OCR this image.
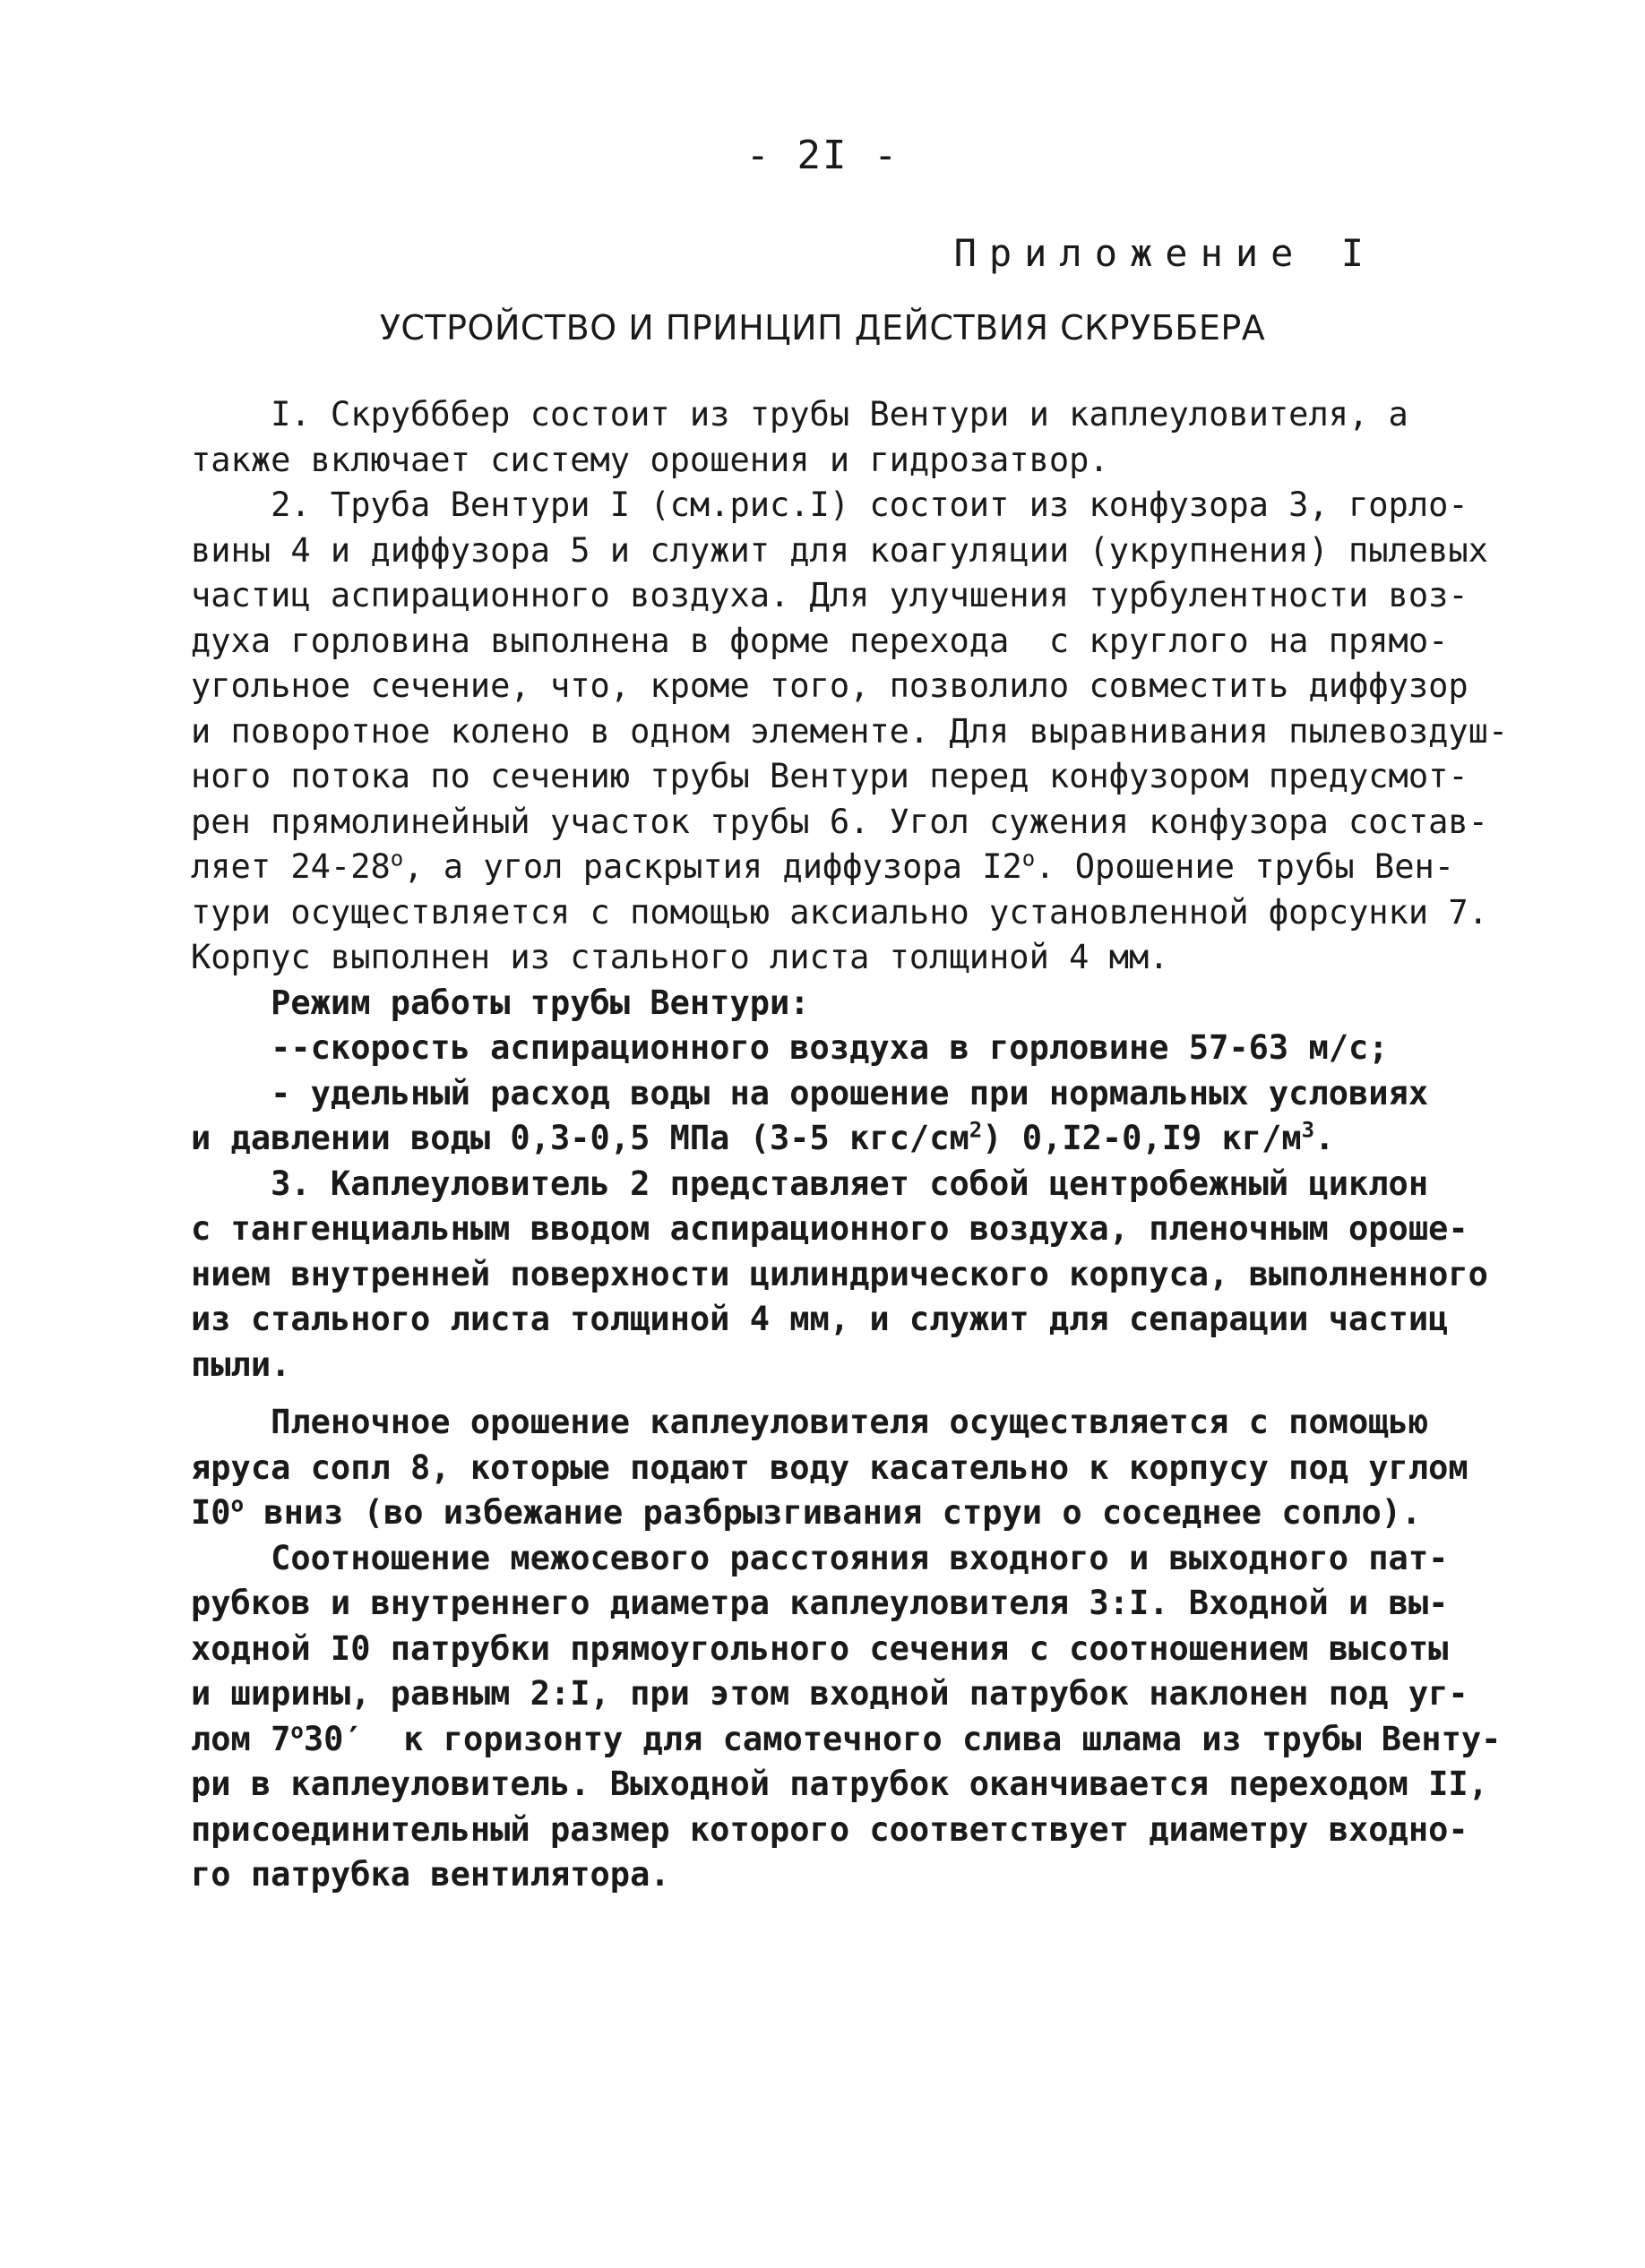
- 2I -
Приложение I
УСТРОЙСТВО И ПРИНЦИП ДЕЙСТВИЯ СКРУББЕРА
I. Скрубббер состоит из трубы Вентури и каплеуловителя, а
также включает систему орошения и гидрозатвор.
2. Труба Вентури I (см.рис.I) состоит из конфузора 3, горло-
вины 4 и диффузора 5 и служит для коагуляции (укрупнения) пылевых
частиц аспирационного воздуха. Для улучшения турбулентности воз-
духа горловина выполнена в форме перехода  с круглого на прямо-
угольное сечение, что, кроме того, позволило совместить диффузор
и поворотное колено в одном элементе. Для выравнивания пылевоздуш-
ного потока по сечению трубы Вентури перед конфузором предусмот-
рен прямолинейный участок трубы 6. Угол сужения конфузора состав-
ляет $24-28^о$, а угол раскрытия диффузора $I2^о$. Орошение трубы Вен-
тури осуществляется с помощью аксиально установленной форсунки 7.
Корпус выполнен из стального листа толщиной 4 мм.
Режим работы трубы Вентури:
--скорость аспирационного воздуха в горловине 57-63 м/с;
- удельный расход воды на орошение при нормальных условиях
и давлении воды 0,3-0,5 МПа (3-5 кгс/$см^2$) 0,I2-0,I9 $кг/м^3$.
3. Каплеуловитель 2 представляет собой центробежный циклон
с тангенциальным вводом аспирационного воздуха, пленочным ороше-
нием внутренней поверхности цилиндрического корпуса, выполненного
из стального листа толщиной 4 мм, и служит для сепарации частиц
пыли.
Пленочное орошение каплеуловителя осуществляется с помощью
яруса сопл 8, которые подают воду касательно к корпусу под углом
$I0^о$ вниз (во избежание разбрызгивания струи о соседнее сопло).
Соотношение межосевого расстояния входного и выходного пат-
рубков и внутреннего диаметра каплеуловителя 3:I. Входной и вы-
ходной I0 патрубки прямоугольного сечения с соотношением высоты
и ширины, равным 2:I, при этом входной патрубок наклонен под уг-
лом $7^о30'$  к горизонту для самотечного слива шлама из трубы Венту-
ри в каплеуловитель. Выходной патрубок оканчивается переходом II,
присоединительный размер которого соответствует диаметру входно-
го патрубка вентилятора.
